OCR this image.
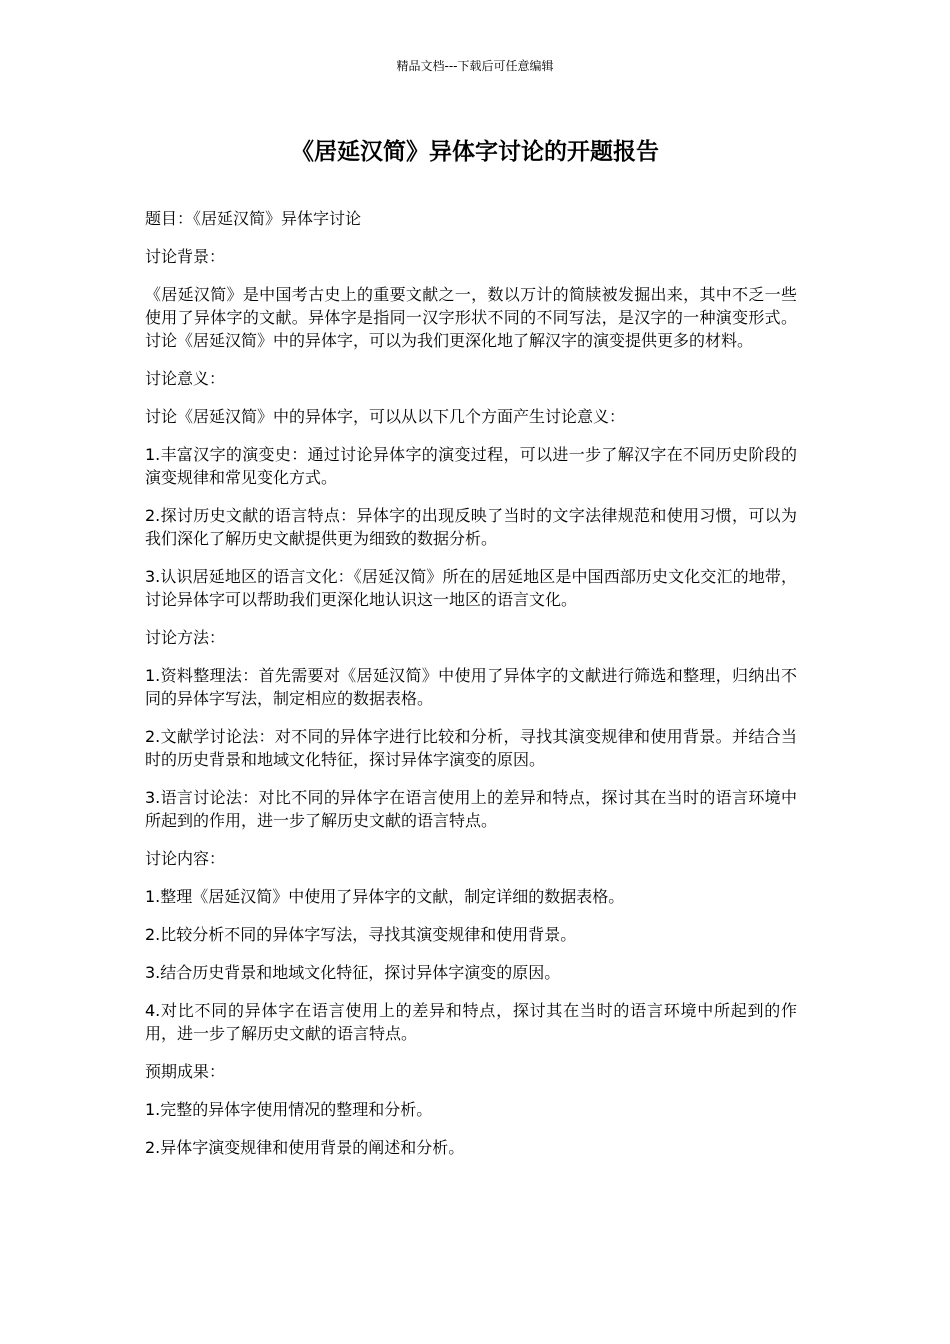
精品文档---下载后可任意编辑
《居延汉简》异体字讨论的开题报告

题目：《居延汉简》异体字讨论

讨论背景：

《居延汉简》是中国考古史上的重要文献之一，数以万计的简牍被发掘出来，其中不乏一些使用了异体字的文献。异体字是指同一汉字形状不同的不同写法，是汉字的一种演变形式。讨论《居延汉简》中的异体字，可以为我们更深化地了解汉字的演变提供更多的材料。

讨论意义：

讨论《居延汉简》中的异体字，可以从以下几个方面产生讨论意义：

1.丰富汉字的演变史：通过讨论异体字的演变过程，可以进一步了解汉字在不同历史阶段的演变规律和常见变化方式。

2.探讨历史文献的语言特点：异体字的出现反映了当时的文字法律规范和使用习惯，可以为我们深化了解历史文献提供更为细致的数据分析。

3.认识居延地区的语言文化：《居延汉简》所在的居延地区是中国西部历史文化交汇的地带，讨论异体字可以帮助我们更深化地认识这一地区的语言文化。

讨论方法：

1.资料整理法：首先需要对《居延汉简》中使用了异体字的文献进行筛选和整理，归纳出不同的异体字写法，制定相应的数据表格。

2.文献学讨论法：对不同的异体字进行比较和分析，寻找其演变规律和使用背景。并结合当时的历史背景和地域文化特征，探讨异体字演变的原因。

3.语言讨论法：对比不同的异体字在语言使用上的差异和特点，探讨其在当时的语言环境中所起到的作用，进一步了解历史文献的语言特点。

讨论内容：

1.整理《居延汉简》中使用了异体字的文献，制定详细的数据表格。

2.比较分析不同的异体字写法，寻找其演变规律和使用背景。

3.结合历史背景和地域文化特征，探讨异体字演变的原因。

4.对比不同的异体字在语言使用上的差异和特点，探讨其在当时的语言环境中所起到的作用，进一步了解历史文献的语言特点。

预期成果：

1.完整的异体字使用情况的整理和分析。

2.异体字演变规律和使用背景的阐述和分析。
